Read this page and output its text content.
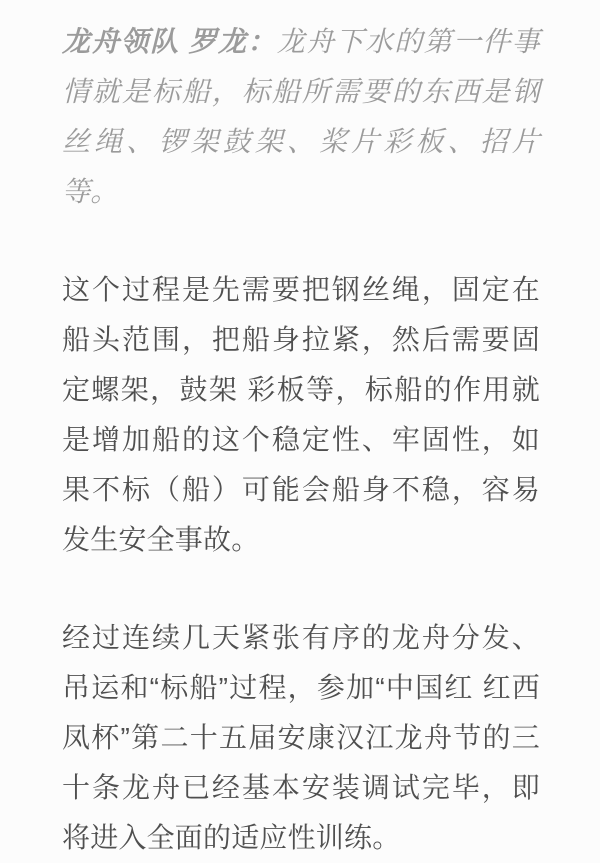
龙舟领队 罗龙：龙舟下水的第一件事情就是标船，标船所需要的东西是钢丝绳、锣架鼓架、桨片彩板、招片等。

这个过程是先需要把钢丝绳，固定在船头范围，把船身拉紧，然后需要固定螺架，鼓架 彩板等，标船的作用就是增加船的这个稳定性、牢固性，如果不标（船）可能会船身不稳，容易发生安全事故。

经过连续几天紧张有序的龙舟分发、吊运和“标船”过程，参加“中国红 红西凤杯”第二十五届安康汉江龙舟节的三十条龙舟已经基本安装调试完毕，即将进入全面的适应性训练。
